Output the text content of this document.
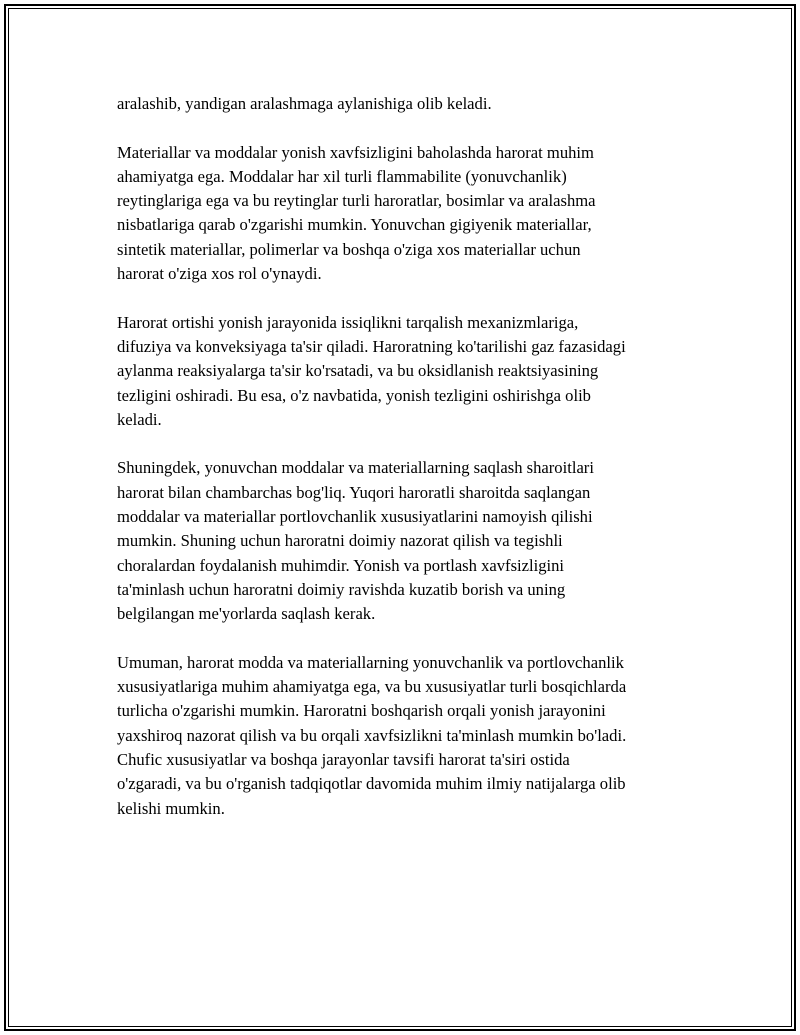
aralashib, yandigan aralashmaga aylanishiga olib keladi.

Materiallar va moddalar yonish xavfsizligini baholashda harorat muhim
ahamiyatga ega. Moddalar har xil turli flammabilite (yonuvchanlik)
reytinglariga ega va bu reytinglar turli haroratlar, bosimlar va aralashma
nisbatlariga qarab o'zgarishi mumkin. Yonuvchan gigiyenik materiallar,
sintetik materiallar, polimerlar va boshqa o'ziga xos materiallar uchun
harorat o'ziga xos rol o'ynaydi.

Harorat ortishi yonish jarayonida issiqlikni tarqalish mexanizmlariga,
difuziya va konveksiyaga ta'sir qiladi. Haroratning ko'tarilishi gaz fazasidagi
aylanma reaksiyalarga ta'sir ko'rsatadi, va bu oksidlanish reaktsiyasining
tezligini oshiradi. Bu esa, o'z navbatida, yonish tezligini oshirishga olib
keladi.

Shuningdek, yonuvchan moddalar va materiallarning saqlash sharoitlari
harorat bilan chambarchas bog'liq. Yuqori haroratli sharoitda saqlangan
moddalar va materiallar portlovchanlik xususiyatlarini namoyish qilishi
mumkin. Shuning uchun haroratni doimiy nazorat qilish va tegishli
choralardan foydalanish muhimdir. Yonish va portlash xavfsizligini
ta'minlash uchun haroratni doimiy ravishda kuzatib borish va uning
belgilangan me'yorlarda saqlash kerak.

Umuman, harorat modda va materiallarning yonuvchanlik va portlovchanlik
xususiyatlariga muhim ahamiyatga ega, va bu xususiyatlar turli bosqichlarda
turlicha o'zgarishi mumkin. Haroratni boshqarish orqali yonish jarayonini
yaxshiroq nazorat qilish va bu orqali xavfsizlikni ta'minlash mumkin bo'ladi.
Chufic xususiyatlar va boshqa jarayonlar tavsifi harorat ta'siri ostida
o'zgaradi, va bu o'rganish tadqiqotlar davomida muhim ilmiy natijalarga olib
kelishi mumkin.
